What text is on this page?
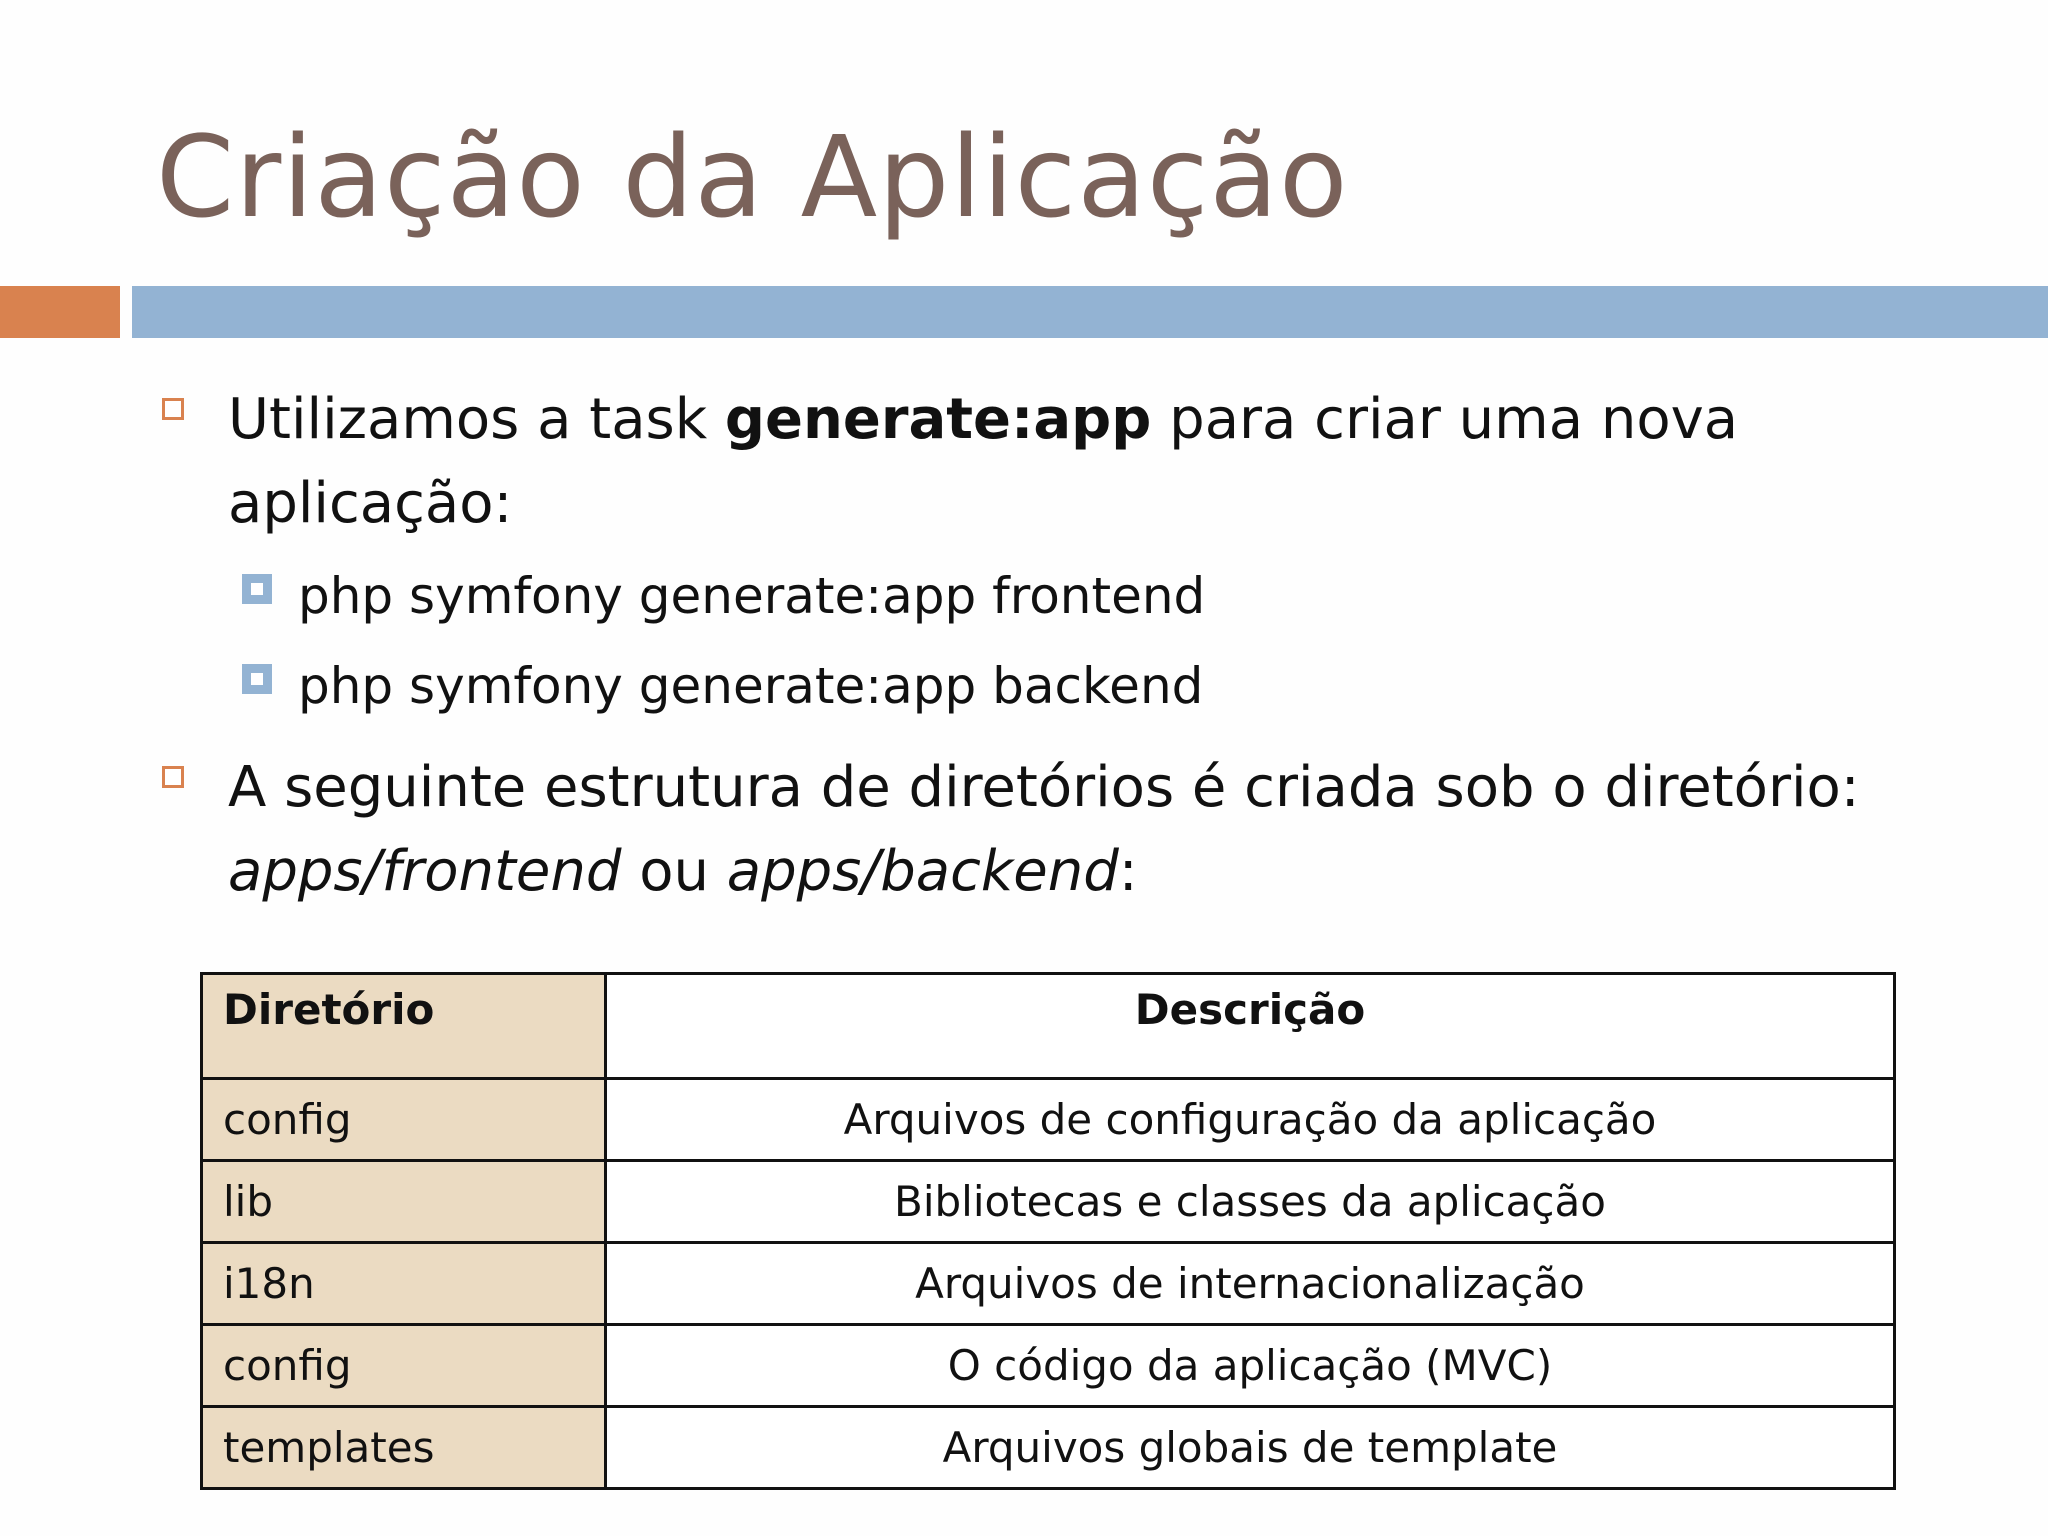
Criação da Aplicação

Utilizamos a task generate:app para criar uma nova

aplicação:

php symfony generate:app frontend

php symfony generate:app backend

A seguinte estrutura de diretórios é criada sob o diretório:

apps/frontend ou apps/backend:

Diretório	Descrição
config	Arquivos de configuração da aplicação
lib	Bibliotecas e classes da aplicação
i18n	Arquivos de internacionalização
config	O código da aplicação (MVC)
templates	Arquivos globais de template
